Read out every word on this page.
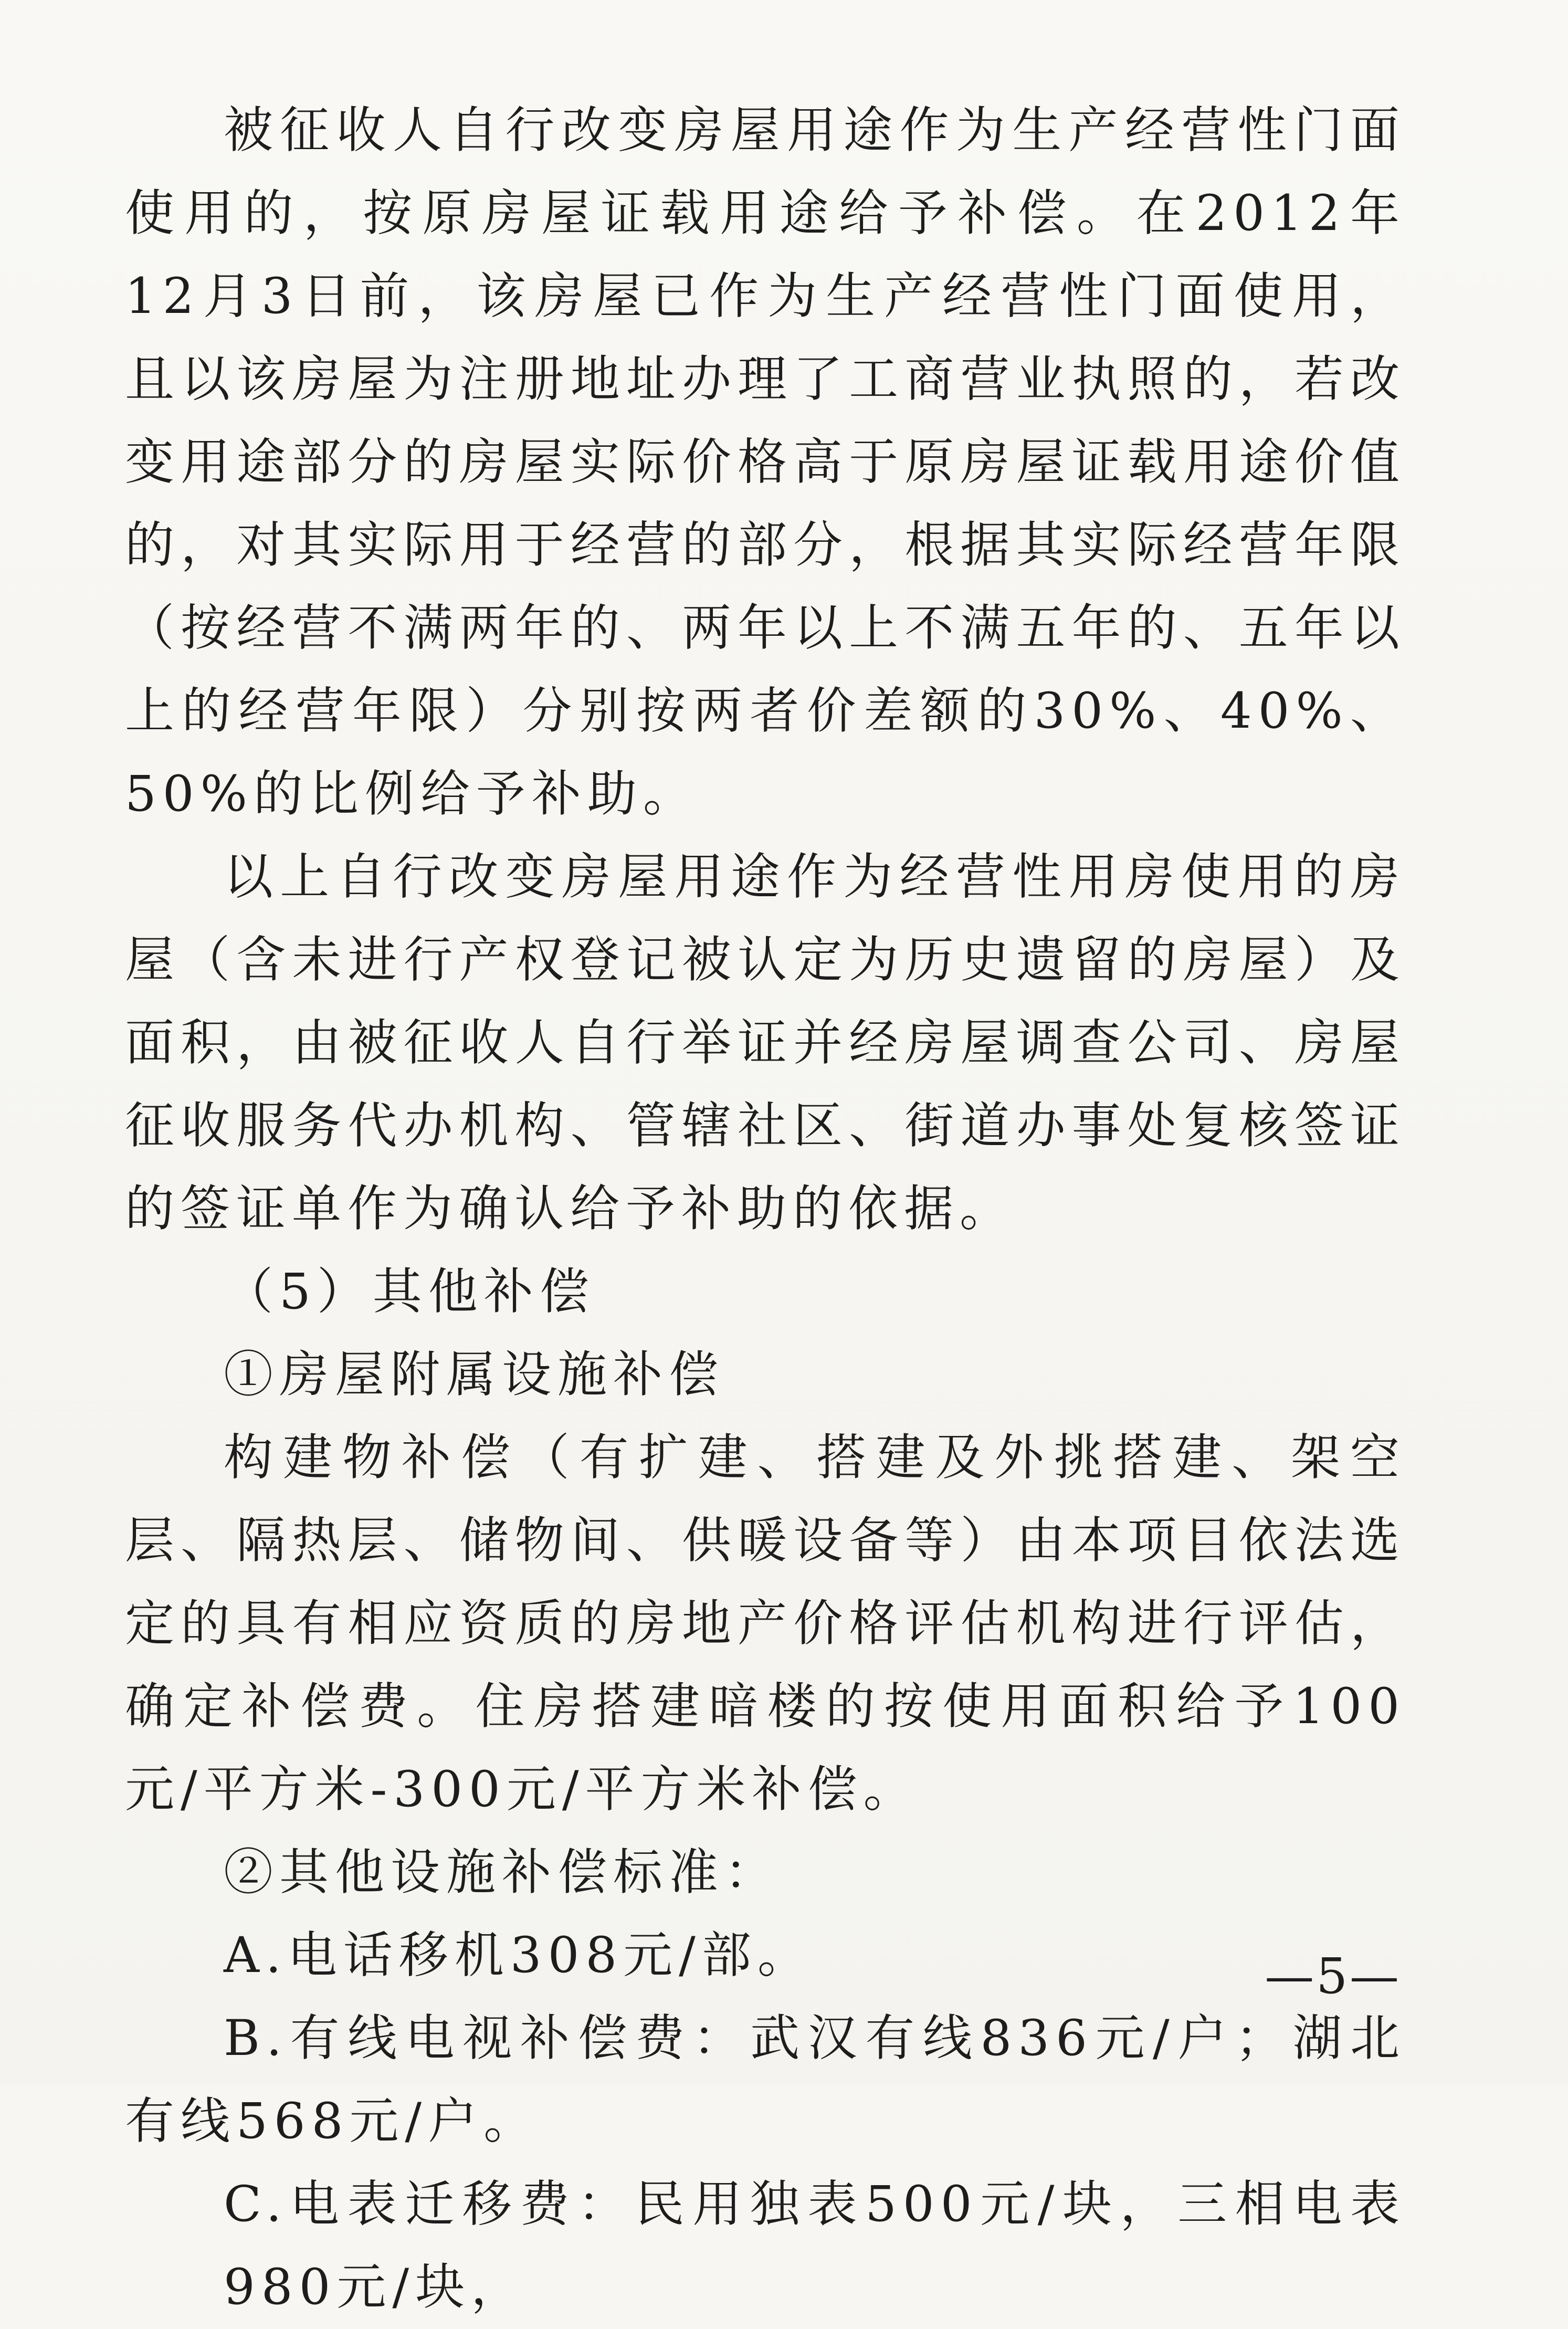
被征收人自行改变房屋用途作为生产经营性门面使用的，按原房屋证载用途给予补偿。在2012年12月3日前，该房屋已作为生产经营性门面使用，且以该房屋为注册地址办理了工商营业执照的，若改变用途部分的房屋实际价格高于原房屋证载用途价值的，对其实际用于经营的部分，根据其实际经营年限（按经营不满两年的、两年以上不满五年的、五年以上的经营年限）分别按两者价差额的30%、40%、50%的比例给予补助。

以上自行改变房屋用途作为经营性用房使用的房屋（含未进行产权登记被认定为历史遗留的房屋）及面积，由被征收人自行举证并经房屋调查公司、房屋征收服务代办机构、管辖社区、街道办事处复核签证的签证单作为确认给予补助的依据。

（5）其他补偿

①房屋附属设施补偿

构建物补偿（有扩建、搭建及外挑搭建、架空层、隔热层、储物间、供暖设备等）由本项目依法选定的具有相应资质的房地产价格评估机构进行评估，确定补偿费。住房搭建暗楼的按使用面积给予100元/平方米-300元/平方米补偿。

②其他设施补偿标准：

A.电话移机308元/部。

B.有线电视补偿费：武汉有线836元/户；湖北有线568元/户。

C.电表迁移费：民用独表500元/块，三相电表980元/块，

—5—
